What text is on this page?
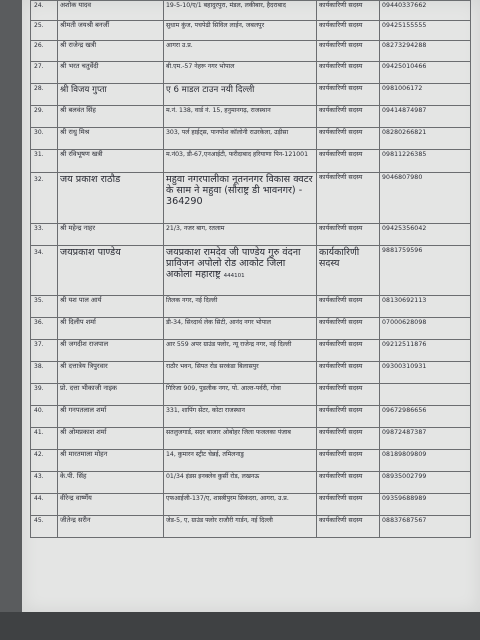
24.	अशोक यादव	19-5-10/ए/1 बहादुरपुरा, मंडल, लकीबार, हैदराबाद	कार्यकारिणी सदस्य	09440337662
25.	श्रीमती जयश्री बनर्जी	सुधाम कुंज, पचपेढी सिविल लाईन, जबलपुर	कार्यकारिणी सदस्य	09425155555
26.	श्री राजेन्द्र खत्री	आगरा उ.प्र.	कार्यकारिणी सदस्य	08273294288
27.	श्री भरत चतुर्वेदी	बी.एम.-57 नेहरू नगर भोपाल	कार्यकारिणी सदस्य	09425010466
28.	श्री विजय गुप्ता	ए 6 माडल टाउन नयी दिल्ली	कार्यकारिणी सदस्य	0981006172
29.	श्री बलवंत सिंह	म.नं. 138, वार्ड नं. 15, हनुमानगढ़, राजस्थान	कार्यकारिणी सदस्य	09414874987
30.	श्री राधु मिश्र	303, पर्ल हाईट्स, पानपोश कॉलोनी राउरकेला, उड़ीसा	कार्यकारिणी सदस्य	08280266821
31.	श्री रविभूषण खत्री	म.नं03, डी-67,एनआईटी, फरीदाबाद हरियाणा पिन-121001	कार्यकारिणी सदस्य	09811226385
32.	जय प्रकाश राठौड	महुवा नगरपालीका नूतननगर विकास क्वटर के साम ने महुवा (सौराष्ट्र डी भावनगर) - 364290	कार्यकारिणी सदस्य	9046807980
33.	श्री महेन्द्र नाहर	21/3, नजर बाग, रतलाम	कार्यकारिणी सदस्य	09425356042
34.	जयप्रकाश पाण्डेय	जयप्रकाश रामदेव जी पाण्डेय गुरु वंदना प्राविजन अपोलो रोड आकोट जिला अकोला महाराष्ट्र 444101	कार्यकारिणी सदस्य	9881759596
35.	श्री यश पाल आर्य	तिलक नगर, नई दिल्ली	कार्यकारिणी सदस्य	08130692113
36.	श्री दिलीप शर्मा	डी-34, सिध्दार्थ लेक सिटी, आनंद नगर भोपाल	कार्यकारिणी सदस्य	07000628098
37.	श्री जगदीश राजपाल	आर 559 अपर ग्राउंड फ्लोर, न्यू राजेन्द्र नगर, नई दिल्ली	कार्यकारिणी सदस्य	09212511876
38.	श्री दत्तात्रेय त्रिपुरवार	राठौर भवन, सिपत रोड सरकंडा बिलासपुर	कार्यकारिणी सदस्य	09300310931
39.	प्रो. दत्ता भीकाजी नाइक	गिरिजा 909, पुडलीक नगर, पो. आल्त-पर्वरी, गोवा	कार्यकारिणी सदस्य	
40.	श्री गनपतलाल शर्मा	331, शापिंग सेंटर, कोटा राजस्थान	कार्यकारिणी सदस्य	09672986656
41.	श्री ओमप्रकाश शर्मा	सतलुजगार्ड, सदर बाजार ओबोहर जिला फजलका पंजाब	कार्यकारिणी सदस्य	09872487387
42.	श्री मारतमाला मोहन	14, कुमारन स्ट्रीट चेन्नई, तमिलनाडु	कार्यकारिणी सदस्य	08189809809
43.	के.पी. सिंह	01/34 इंडस इनक्लेव कुर्सी रोड, लखनऊ	कार्यकारिणी सदस्य	08935002799
44.	वीरेन्द्र वार्ष्णेय	एफआईजी-137/ए, शास्त्रीपुरम सिकंदरा, आगरा, उ.प्र.	कार्यकारिणी सदस्य	09359688989
45.	जीतेन्द्र सरीन	जेड-5, ए, ग्राउंड फ्लोर राजौरी गार्डन, नई दिल्ली	कार्यकारिणी सदस्य	08837687567
